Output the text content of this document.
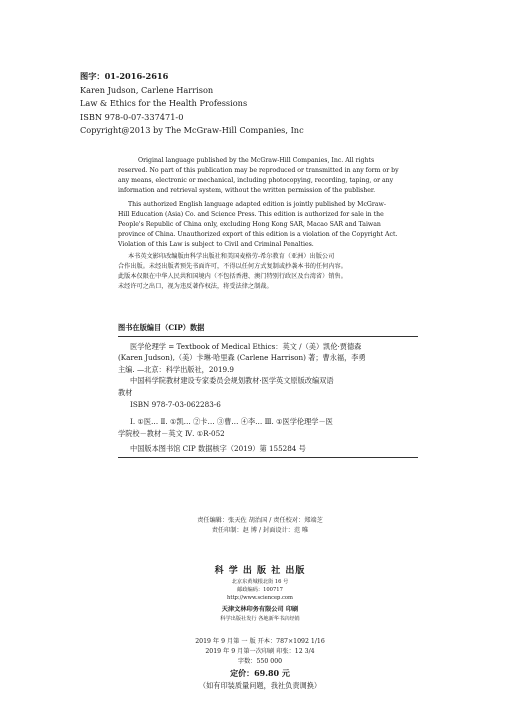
图字：01-2016-2616
Karen Judson, Carlene Harrison
Law & Ethics for the Health Professions
ISBN 978-0-07-337471-0
Copyright@2013 by The McGraw-Hill Companies, Inc
Original language published by the McGraw-Hill Companies, Inc. All rights
reserved. No part of this publication may be reproduced or transmitted in any form or by
any means, electronic or mechanical, including photocopying, recording, taping, or any
information and retrieval system, without the written permission of the publisher.
This authorized English language adapted edition is jointly published by McGraw-
Hill Education (Asia) Co. and Science Press. This edition is authorized for sale in the
People's Republic of China only, excluding Hong Kong SAR, Macao SAR and Taiwan
province of China. Unauthorized export of this edition is a violation of the Copyright Act.
Violation of this Law is subject to Civil and Criminal Penalties.
本书英文影印改编版由科学出版社和美国麦格劳-希尔教育（亚洲）出版公司
合作出版。未经出版者预先书面许可，不得以任何方式复制或抄袭本书的任何内容。
此版本仅限在中华人民共和国境内（不包括香港、澳门特别行政区及台湾省）销售。
未经许可之出口，视为违反著作权法，将受法律之制裁。
图书在版编目（CIP）数据
医学伦理学 = Textbook of Medical Ethics：英文 /（美）凯伦·贾德森
(Karen Judson),（美）卡琳·哈里森 (Carlene Harrison) 著；曹永福，李勇
主编. —北京：科学出版社，2019.9
中国科学院教材建设专家委员会规划教材·医学英文原版改编双语
教材
ISBN 978-7-03-062283-6
Ⅰ. ①医… Ⅱ. ①凯… ②卡… ③曹… ④李… Ⅲ. ①医学伦理学－医
学院校－教材－英文 Ⅳ. ①R-052
中国版本图书馆 CIP 数据核字（2019）第 155284 号
责任编辑：张天佐 胡治国 / 责任校对：郑端芝
责任印制：赵 博 / 封面设计：范 唯
科 学 出 版 社 出版
北京东黄城根北街 16 号
邮政编码：100717
http://www.sciencep.com
天津文林印务有限公司 印刷
科学出版社发行 各地新华书店经销
2019 年 9 月第 一 版 开本：787×1092 1/16
2019 年 9 月第一次印刷 印张：12 3/4
字数：550 000
定价：69.80 元
（如有印装质量问题，我社负责调换）
